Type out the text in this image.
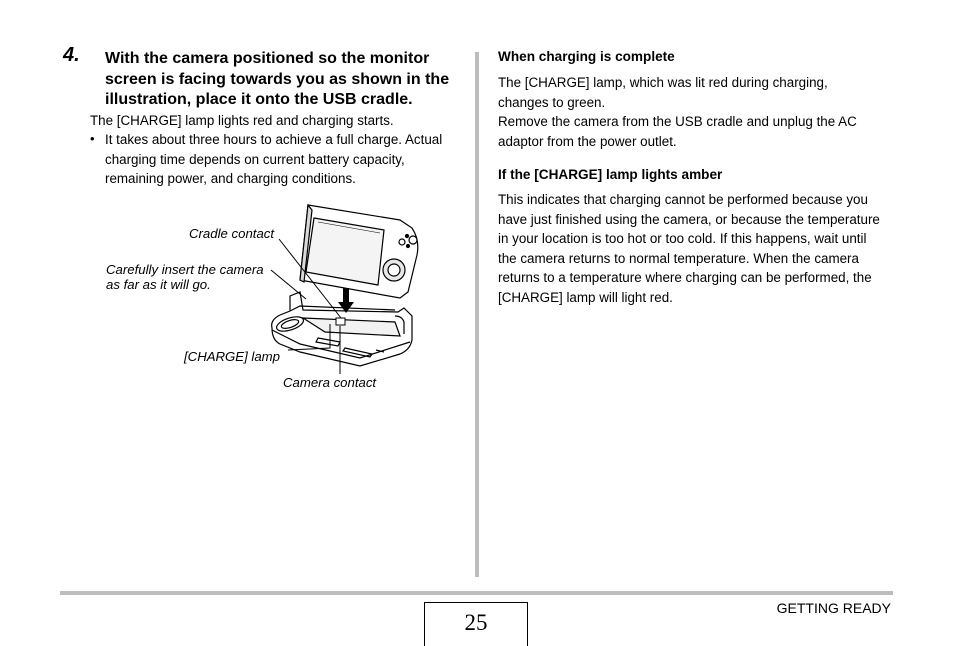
4. With the camera positioned so the monitor
screen is facing towards you as shown in the
illustration, place it onto the USB cradle.
The [CHARGE] lamp lights red and charging starts.
• It takes about three hours to achieve a full charge. Actual
charging time depends on current battery capacity,
remaining power, and charging conditions.
Cradle contact
Carefully insert the camera
as far as it will go.
[CHARGE] lamp
Camera contact
When charging is complete
The [CHARGE] lamp, which was lit red during charging,
changes to green.
Remove the camera from the USB cradle and unplug the AC
adaptor from the power outlet.
If the [CHARGE] lamp lights amber
This indicates that charging cannot be performed because you
have just finished using the camera, or because the temperature
in your location is too hot or too cold. If this happens, wait until
the camera returns to normal temperature. When the camera
returns to a temperature where charging can be performed, the
[CHARGE] lamp will light red.
25
GETTING READY
